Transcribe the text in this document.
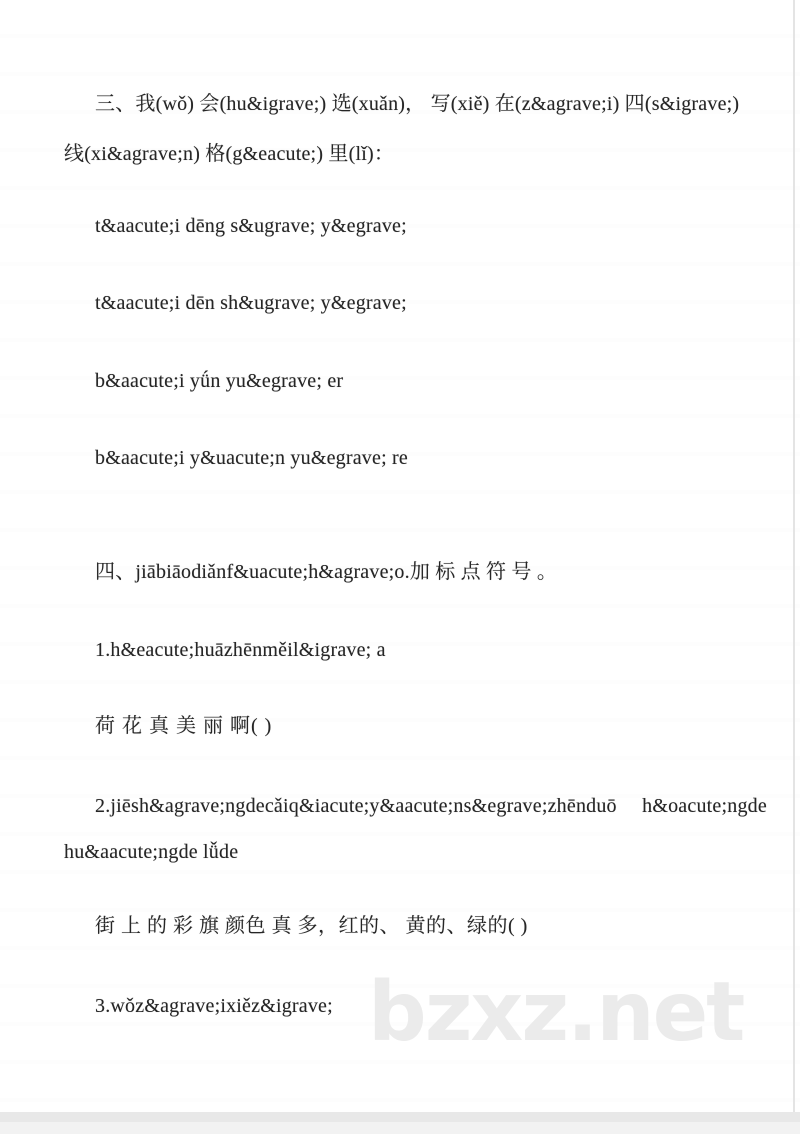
三、我(wǒ) 会(hu&igrave;) 选(xuǎn)， 写(xiě) 在(z&agrave;i) 四(s&igrave;)
线(xi&agrave;n) 格(g&eacute;) 里(lǐ)：
t&aacute;i dēng s&ugrave; y&egrave;
t&aacute;i dēn sh&ugrave; y&egrave;
b&aacute;i yǘn yu&egrave; er
b&aacute;i y&uacute;n yu&egrave; re
四、jiābiāodiǎnf&uacute;h&agrave;o.加 标 点 符 号 。
1.h&eacute;huāzhēnměil&igrave; a
荷 花 真 美 丽 啊( )
2.jiēsh&agrave;ngdecǎiq&iacute;y&aacute;ns&egrave;zhēnduō　 h&oacute;ngde
hu&aacute;ngde lǚde
街 上 的 彩 旗 颜色 真 多，红的、 黄的、绿的( )
3.wǒz&agrave;ixiěz&igrave; bzxz.net
